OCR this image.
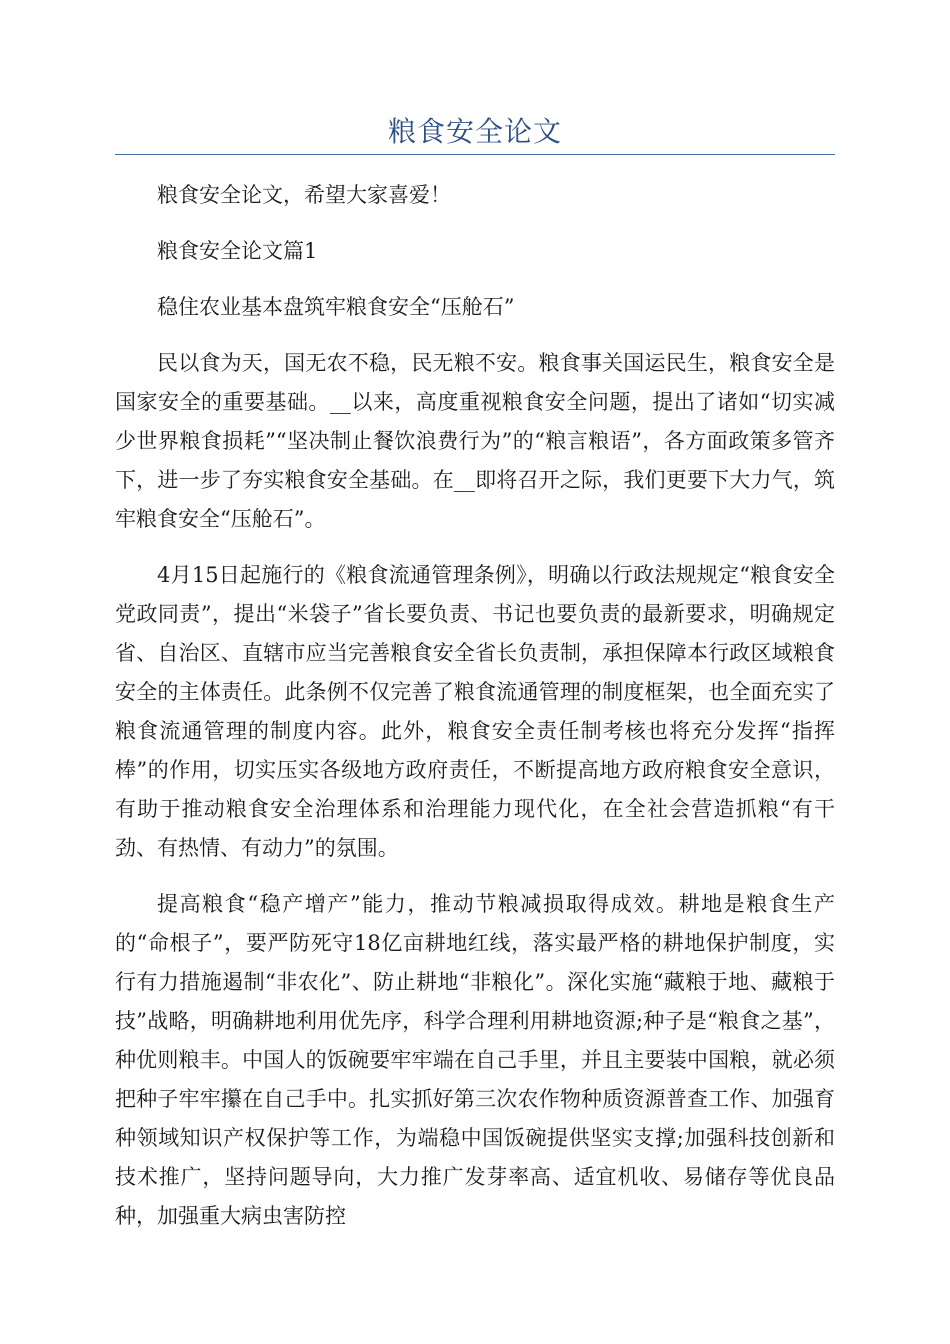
粮食安全论文

粮食安全论文，希望大家喜爱！

粮食安全论文篇1

稳住农业基本盘筑牢粮食安全“压舱石”

民以食为天，国无农不稳，民无粮不安。粮食事关国运民生，粮食安全是国家安全的重要基础。__以来，高度重视粮食安全问题，提出了诸如“切实减少世界粮食损耗”“坚决制止餐饮浪费行为”的“粮言粮语”，各方面政策多管齐下，进一步了夯实粮食安全基础。在__即将召开之际，我们更要下大力气，筑牢粮食安全“压舱石”。

4月15日起施行的《粮食流通管理条例》，明确以行政法规规定“粮食安全党政同责”，提出“米袋子”省长要负责、书记也要负责的最新要求，明确规定省、自治区、直辖市应当完善粮食安全省长负责制，承担保障本行政区域粮食安全的主体责任。此条例不仅完善了粮食流通管理的制度框架，也全面充实了粮食流通管理的制度内容。此外，粮食安全责任制考核也将充分发挥“指挥棒”的作用，切实压实各级地方政府责任，不断提高地方政府粮食安全意识，有助于推动粮食安全治理体系和治理能力现代化，在全社会营造抓粮“有干劲、有热情、有动力”的氛围。

提高粮食“稳产增产”能力，推动节粮减损取得成效。耕地是粮食生产的“命根子”，要严防死守18亿亩耕地红线，落实最严格的耕地保护制度，实行有力措施遏制“非农化”、防止耕地“非粮化”。深化实施“藏粮于地、藏粮于技”战略，明确耕地利用优先序，科学合理利用耕地资源;种子是“粮食之基”，种优则粮丰。中国人的饭碗要牢牢端在自己手里，并且主要装中国粮，就必须把种子牢牢攥在自己手中。扎实抓好第三次农作物种质资源普查工作、加强育种领域知识产权保护等工作，为端稳中国饭碗提供坚实支撑;加强科技创新和技术推广，坚持问题导向，大力推广发芽率高、适宜机收、易储存等优良品种，加强重大病虫害防控
